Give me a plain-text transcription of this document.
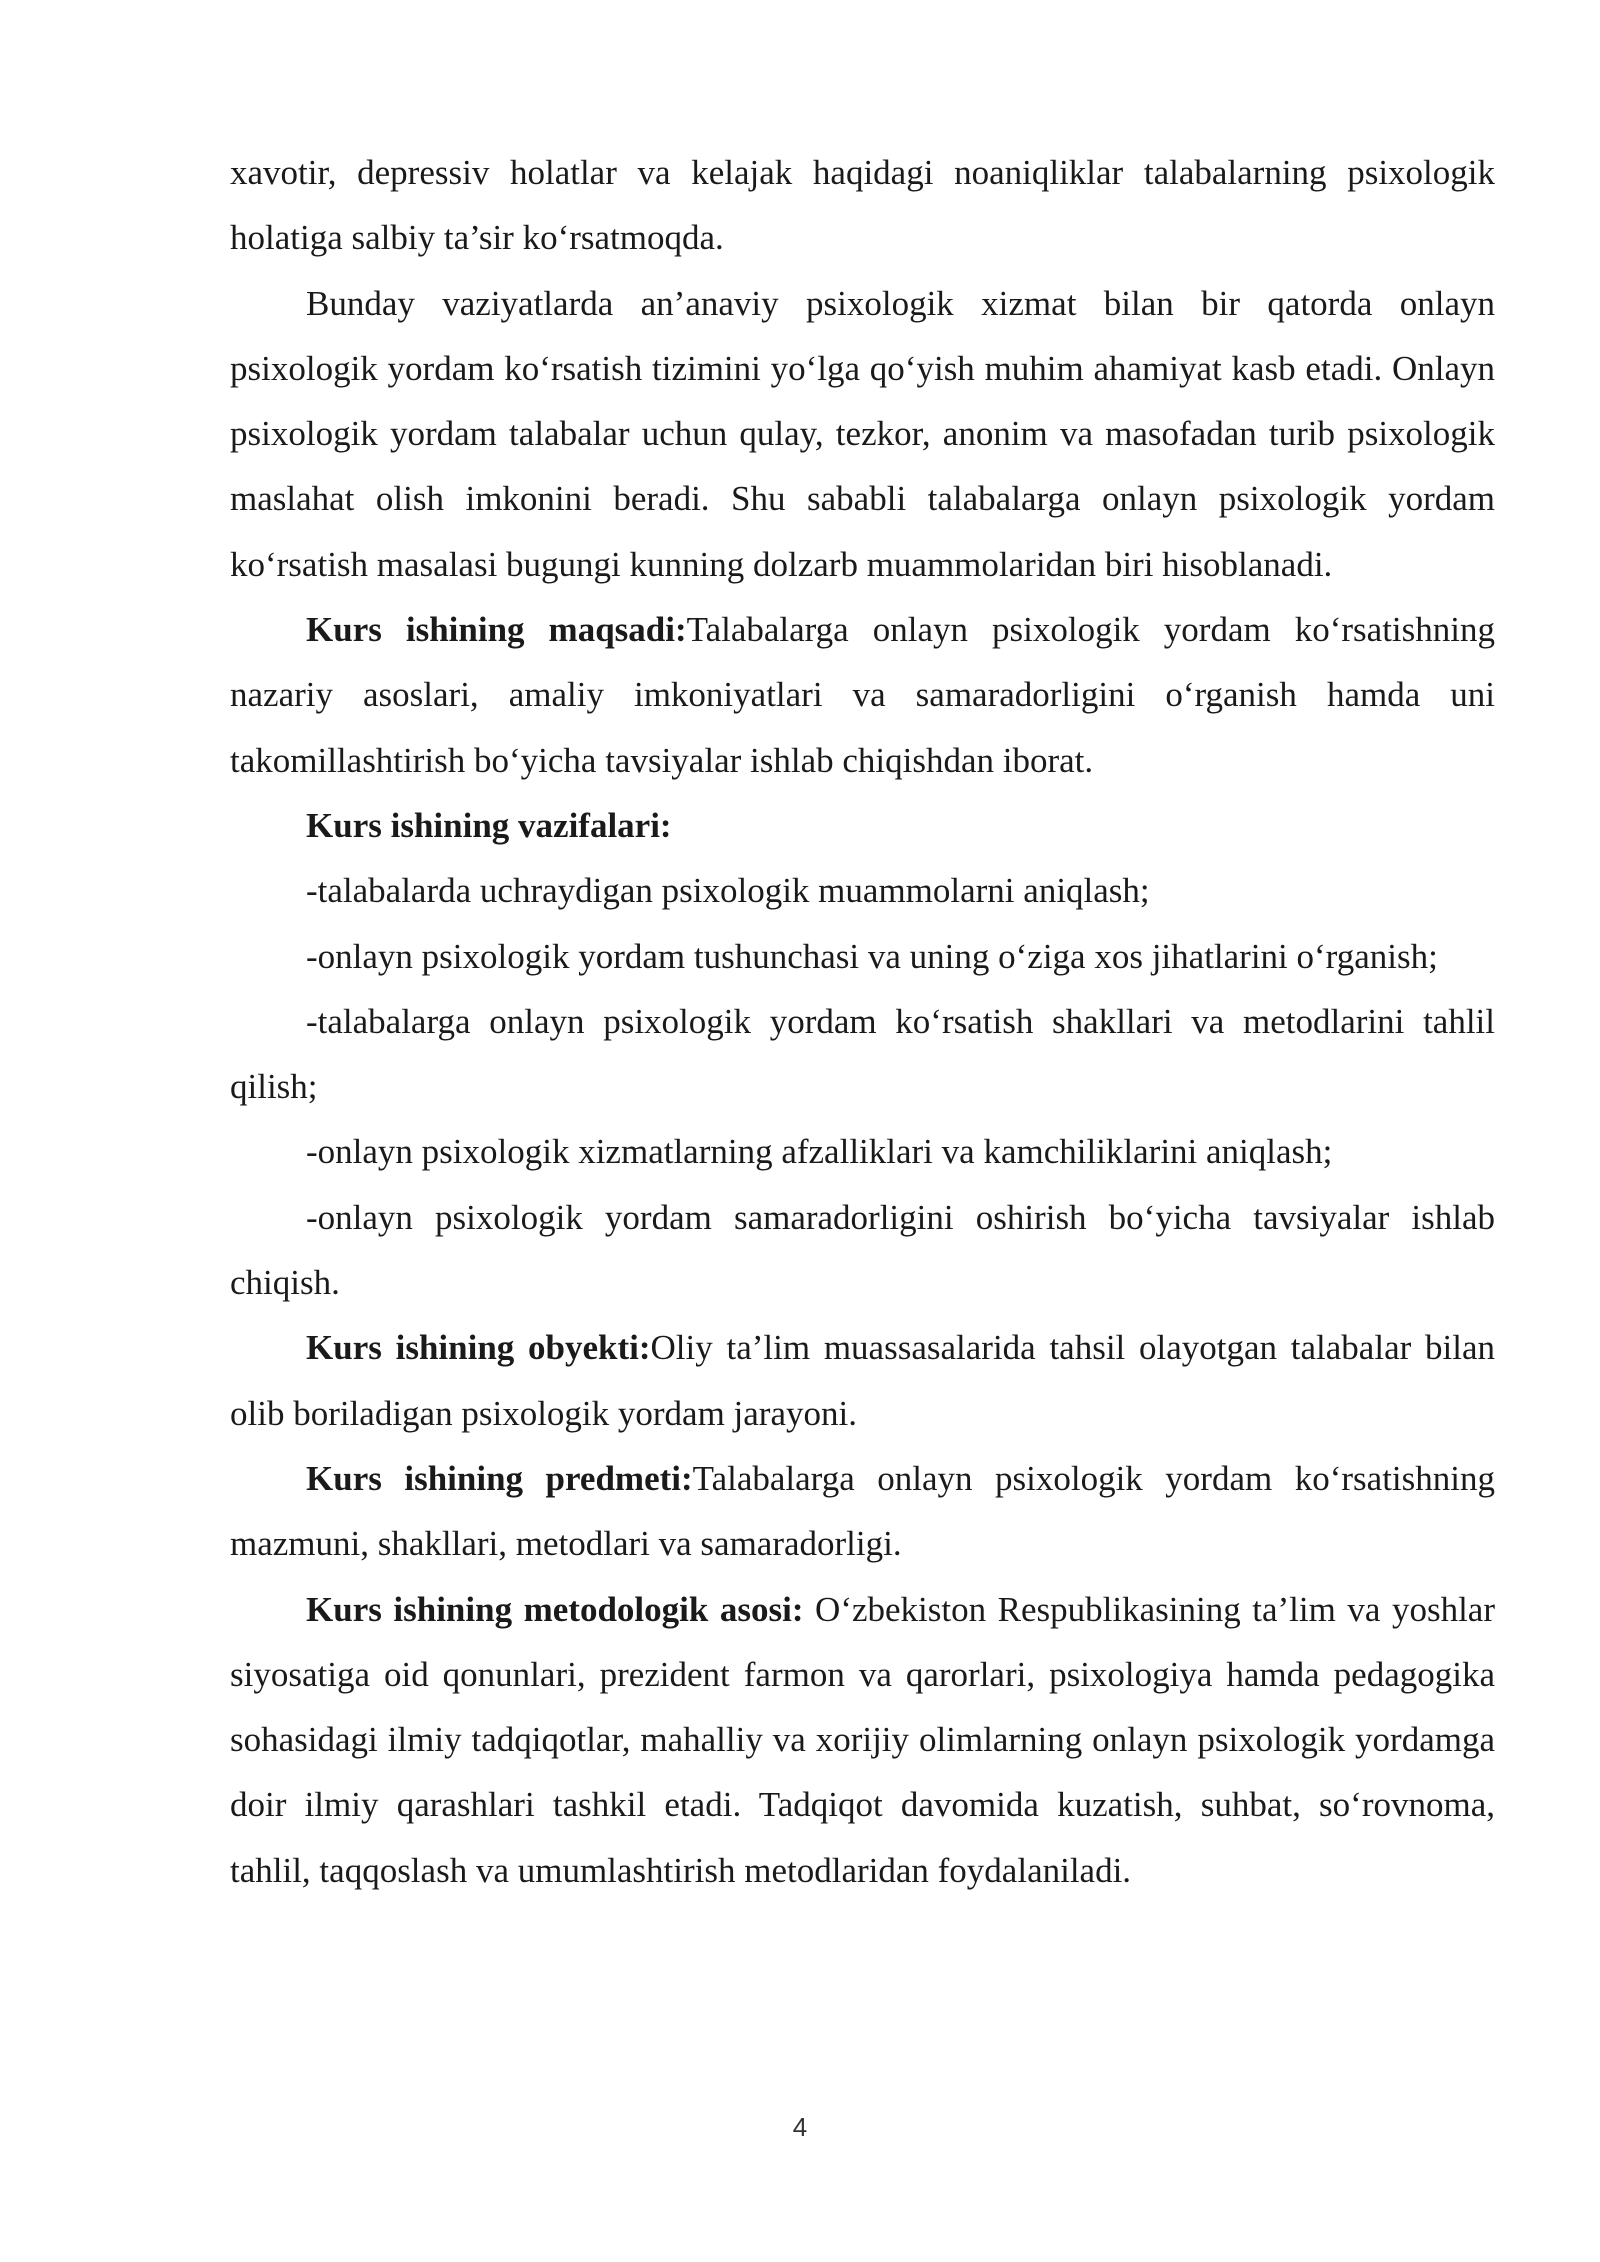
xavotir, depressiv holatlar va kelajak haqidagi noaniqliklar talabalarning psixologik holatiga salbiy ta’sir koʻrsatmoqda.

Bunday vaziyatlarda an’anaviy psixologik xizmat bilan bir qatorda onlayn psixologik yordam koʻrsatish tizimini yoʻlga qoʻyish muhim ahamiyat kasb etadi. Onlayn psixologik yordam talabalar uchun qulay, tezkor, anonim va masofadan turib psixologik maslahat olish imkonini beradi. Shu sababli talabalarga onlayn psixologik yordam koʻrsatish masalasi bugungi kunning dolzarb muammolaridan biri hisoblanadi.

Kurs ishining maqsadi:Talabalarga onlayn psixologik yordam koʻrsatishning nazariy asoslari, amaliy imkoniyatlari va samaradorligini oʻrganish hamda uni takomillashtirish boʻyicha tavsiyalar ishlab chiqishdan iborat.

Kurs ishining vazifalari:

-talabalarda uchraydigan psixologik muammolarni aniqlash;

-onlayn psixologik yordam tushunchasi va uning oʻziga xos jihatlarini oʻrganish;

-talabalarga onlayn psixologik yordam koʻrsatish shakllari va metodlarini tahlil qilish;

-onlayn psixologik xizmatlarning afzalliklari va kamchiliklarini aniqlash;

-onlayn psixologik yordam samaradorligini oshirish boʻyicha tavsiyalar ishlab chiqish.

Kurs ishining obyekti:Oliy ta’lim muassasalarida tahsil olayotgan talabalar bilan olib boriladigan psixologik yordam jarayoni.

Kurs ishining predmeti:Talabalarga onlayn psixologik yordam koʻrsatishning mazmuni, shakllari, metodlari va samaradorligi.

Kurs ishining metodologik asosi: Oʻzbekiston Respublikasining ta’lim va yoshlar siyosatiga oid qonunlari, prezident farmon va qarorlari, psixologiya hamda pedagogika sohasidagi ilmiy tadqiqotlar, mahalliy va xorijiy olimlarning onlayn psixologik yordamga doir ilmiy qarashlari tashkil etadi. Tadqiqot davomida kuzatish, suhbat, soʻrovnoma, tahlil, taqqoslash va umumlashtirish metodlaridan foydalaniladi.

4
